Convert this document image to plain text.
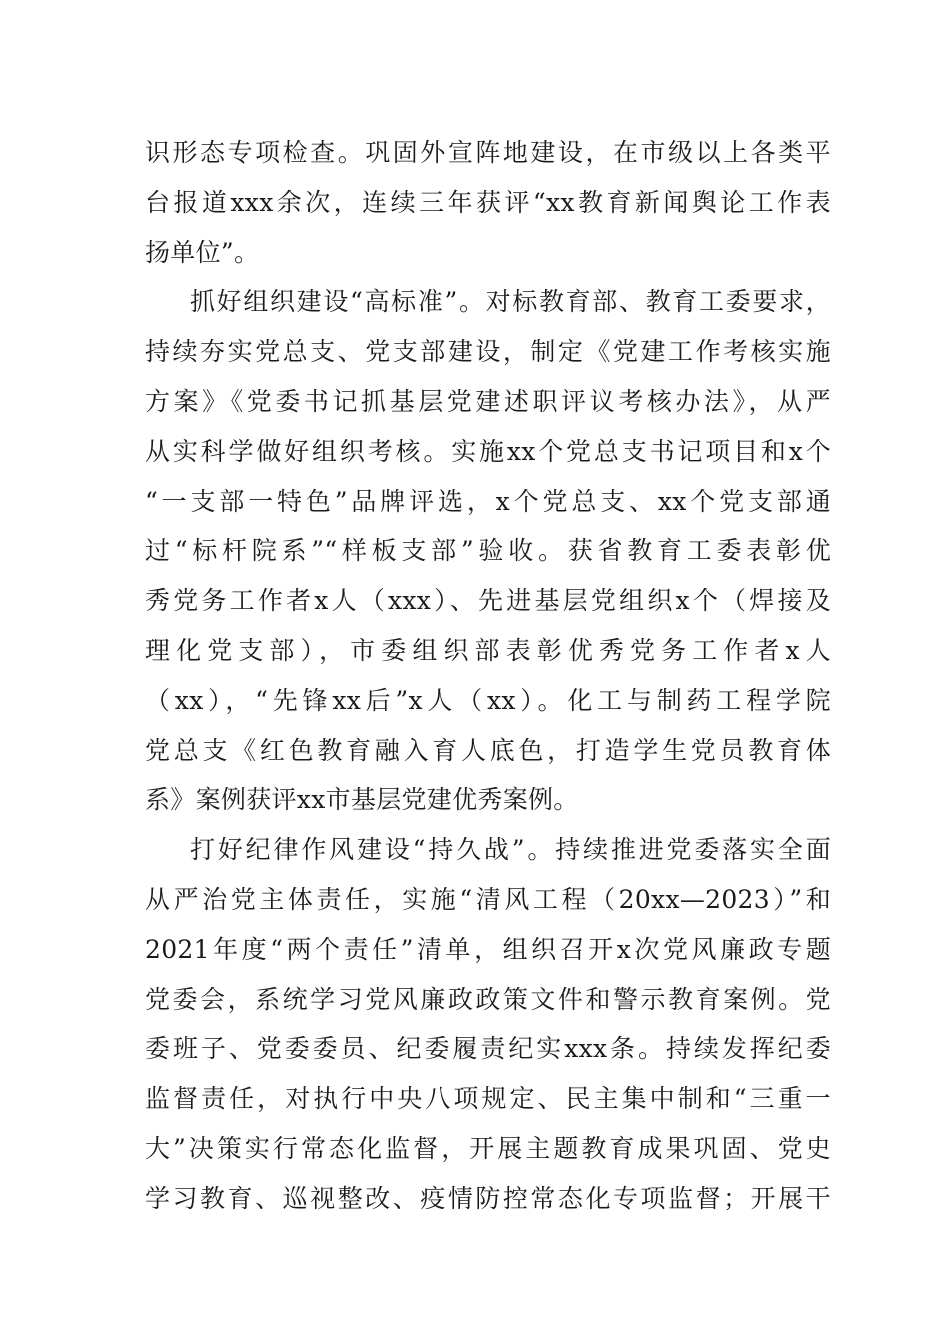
识形态专项检查。巩固外宣阵地建设，在市级以上各类平
台报道xxx余次，连续三年获评“xx教育新闻舆论工作表
扬单位”。
抓好组织建设“高标准”。对标教育部、教育工委要求，
持续夯实党总支、党支部建设，制定《党建工作考核实施
方案》《党委书记抓基层党建述职评议考核办法》，从严
从实科学做好组织考核。实施xx个党总支书记项目和x个
“一支部一特色”品牌评选，x个党总支、xx个党支部通
过“标杆院系”“样板支部”验收。获省教育工委表彰优
秀党务工作者x人（xxx）、先进基层党组织x个（焊接及
理化党支部），市委组织部表彰优秀党务工作者x人
（xx），“先锋xx后”x人（xx）。化工与制药工程学院
党总支《红色教育融入育人底色，打造学生党员教育体
系》案例获评xx市基层党建优秀案例。
打好纪律作风建设“持久战”。持续推进党委落实全面
从严治党主体责任，实施“清风工程（20xx—2023）”和
2021年度“两个责任”清单，组织召开x次党风廉政专题
党委会，系统学习党风廉政政策文件和警示教育案例。党
委班子、党委委员、纪委履责纪实xxx条。持续发挥纪委
监督责任，对执行中央八项规定、民主集中制和“三重一
大”决策实行常态化监督，开展主题教育成果巩固、党史
学习教育、巡视整改、疫情防控常态化专项监督；开展干
